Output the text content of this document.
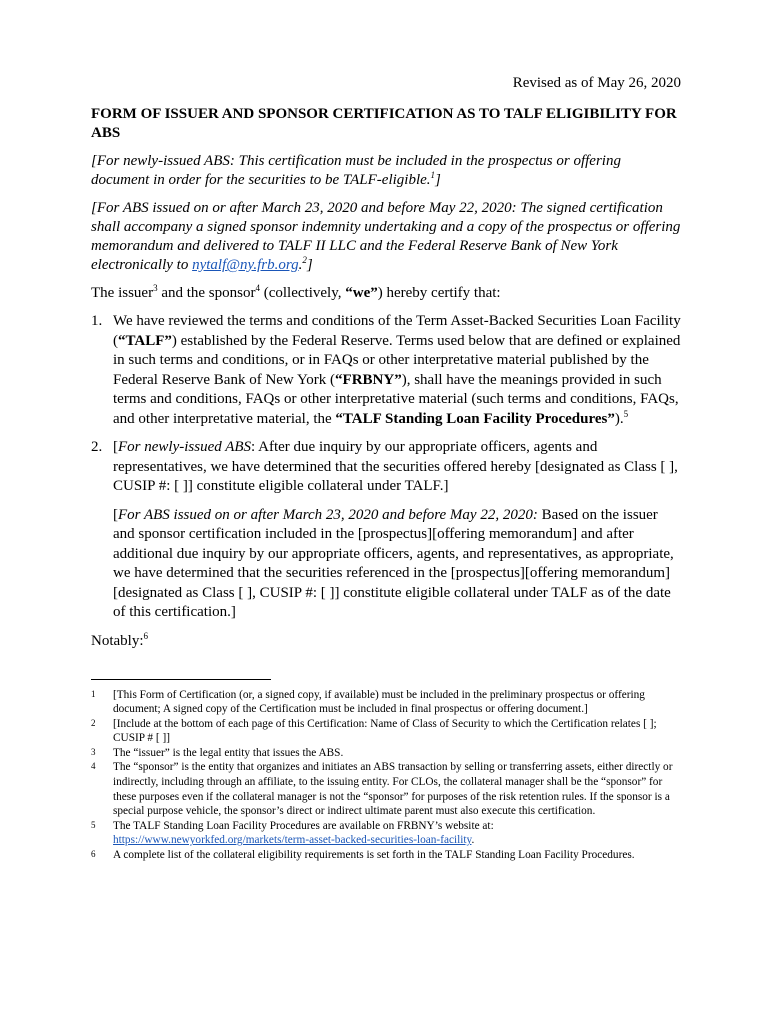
Revised as of May 26, 2020
FORM OF ISSUER AND SPONSOR CERTIFICATION AS TO TALF ELIGIBILITY FOR ABS
[For newly-issued ABS: This certification must be included in the prospectus or offering document in order for the securities to be TALF-eligible.$^1$]
[For ABS issued on or after March 23, 2020 and before May 22, 2020: The signed certification shall accompany a signed sponsor indemnity undertaking and a copy of the prospectus or offering memorandum and delivered to TALF II LLC and the Federal Reserve Bank of New York electronically to nytalf@ny.frb.org.$^2$]
The issuer$^3$ and the sponsor$^4$ (collectively, “we”) hereby certify that:
1. We have reviewed the terms and conditions of the Term Asset-Backed Securities Loan Facility (“TALF”) established by the Federal Reserve. Terms used below that are defined or explained in such terms and conditions, or in FAQs or other interpretative material published by the Federal Reserve Bank of New York (“FRBNY”), shall have the meanings provided in such terms and conditions, FAQs or other interpretative material (such terms and conditions, FAQs, and other interpretative material, the “TALF Standing Loan Facility Procedures”).$^5$
2. [For newly-issued ABS: After due inquiry by our appropriate officers, agents and representatives, we have determined that the securities offered hereby [designated as Class [ ], CUSIP #: [ ]] constitute eligible collateral under TALF.]
[For ABS issued on or after March 23, 2020 and before May 22, 2020: Based on the issuer and sponsor certification included in the [prospectus][offering memorandum] and after additional due inquiry by our appropriate officers, agents, and representatives, as appropriate, we have determined that the securities referenced in the [prospectus][offering memorandum] [designated as Class [ ], CUSIP #: [ ]] constitute eligible collateral under TALF as of the date of this certification.]
Notably:$^6$
1	[This Form of Certification (or, a signed copy, if available) must be included in the preliminary prospectus or offering document; A signed copy of the Certification must be included in final prospectus or offering document.]
2	[Include at the bottom of each page of this Certification: Name of Class of Security to which the Certification relates [ ]; CUSIP # [ ]]
3	The “issuer” is the legal entity that issues the ABS.
4	The “sponsor” is the entity that organizes and initiates an ABS transaction by selling or transferring assets, either directly or indirectly, including through an affiliate, to the issuing entity. For CLOs, the collateral manager shall be the “sponsor” for these purposes even if the collateral manager is not the “sponsor” for purposes of the risk retention rules. If the sponsor is a special purpose vehicle, the sponsor’s direct or indirect ultimate parent must also execute this certification.
5	The TALF Standing Loan Facility Procedures are available on FRBNY’s website at:
https://www.newyorkfed.org/markets/term-asset-backed-securities-loan-facility.
6	A complete list of the collateral eligibility requirements is set forth in the TALF Standing Loan Facility Procedures.
